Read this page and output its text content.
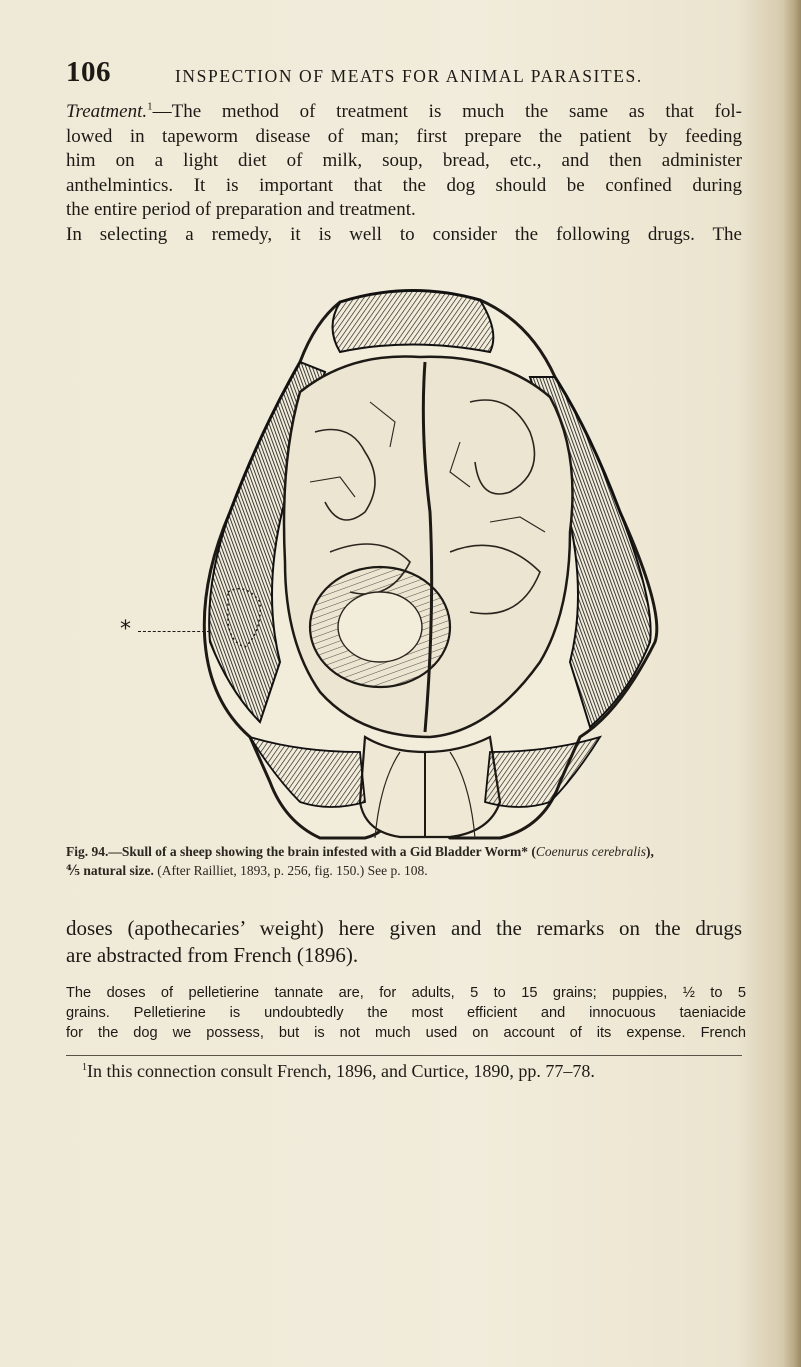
106	INSPECTION OF MEATS FOR ANIMAL PARASITES.
Treatment.$^1$—The method of treatment is much the same as that fol-
lowed in tapeworm disease of man; first prepare the patient by feeding
him on a light diet of milk, soup, bread, etc., and then administer
anthelmintics. It is important that the dog should be confined during
the entire period of preparation and treatment.
In selecting a remedy, it is well to consider the following drugs. The
*
Fig. 94.—Skull of a sheep showing the brain infested with a Gid Bladder Worm* (Coenurus cerebralis),
⅘ natural size. (After Railliet, 1893, p. 256, fig. 150.) See p. 108.
doses (apothecaries’ weight) here given and the remarks on the drugs
are abstracted from French (1896).
The doses of pelletierine tannate are, for adults, 5 to 15 grains; puppies, ½ to 5
grains. Pelletierine is undoubtedly the most efficient and innocuous taeniacide
for the dog we possess, but is not much used on account of its expense. French
$^1$In this connection consult French, 1896, and Curtice, 1890, pp. 77–78.
